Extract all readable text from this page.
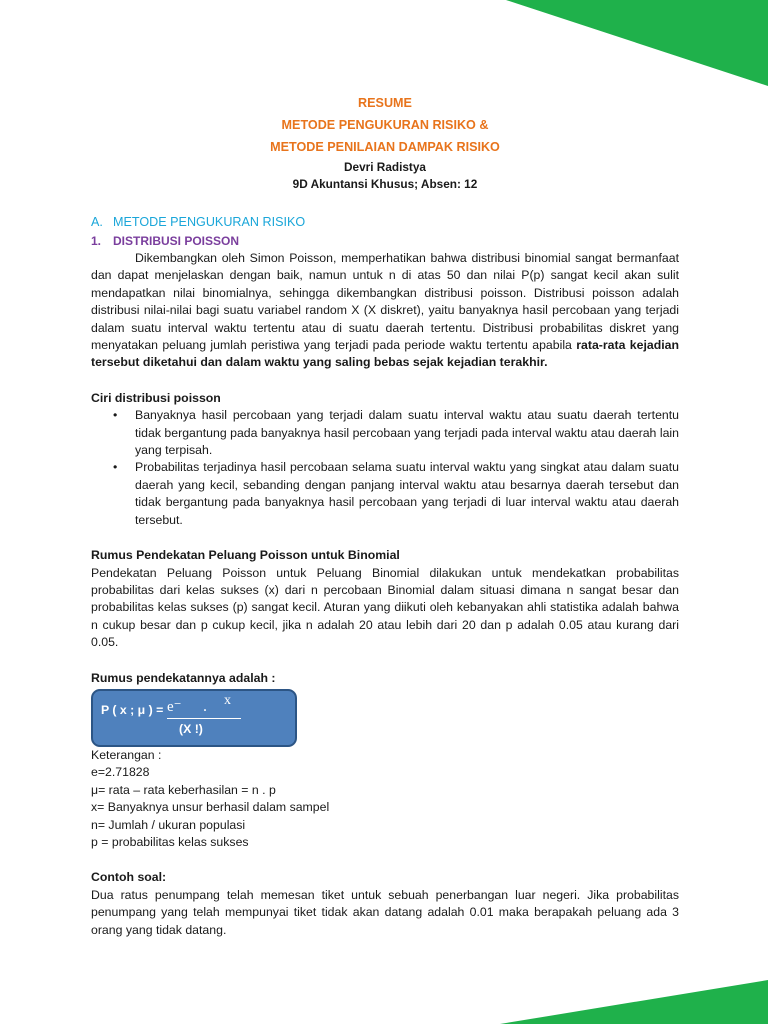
RESUME
METODE PENGUKURAN RISIKO &
METODE PENILAIAN DAMPAK RISIKO
Devri Radistya
9D Akuntansi Khusus; Absen: 12
A. METODE PENGUKURAN RISIKO
1. DISTRIBUSI POISSON

Dikembangkan oleh Simon Poisson, memperhatikan bahwa distribusi binomial sangat bermanfaat dan dapat menjelaskan dengan baik, namun untuk n di atas 50 dan nilai P(p) sangat kecil akan sulit mendapatkan nilai binomialnya, sehingga dikembangkan distribusi poisson. Distribusi poisson adalah distribusi nilai-nilai bagi suatu variabel random X (X diskret), yaitu banyaknya hasil percobaan yang terjadi dalam suatu interval waktu tertentu atau di suatu daerah tertentu. Distribusi probabilitas diskret yang menyatakan peluang jumlah peristiwa yang terjadi pada periode waktu tertentu apabila rata-rata kejadian tersebut diketahui dan dalam waktu yang saling bebas sejak kejadian terakhir.

Ciri distribusi poisson
• Banyaknya hasil percobaan yang terjadi dalam suatu interval waktu atau suatu daerah tertentu tidak bergantung pada banyaknya hasil percobaan yang terjadi pada interval waktu atau daerah lain yang terpisah.
• Probabilitas terjadinya hasil percobaan selama suatu interval waktu yang singkat atau dalam suatu daerah yang kecil, sebanding dengan panjang interval waktu atau besarnya daerah tersebut dan tidak bergantung pada banyaknya hasil percobaan yang terjadi di luar interval waktu atau daerah tersebut.
Rumus Pendekatan Peluang Poisson untuk Binomial

Pendekatan Peluang Poisson untuk Peluang Binomial dilakukan untuk mendekatkan probabilitas probabilitas dari kelas sukses (x) dari n percobaan Binomial dalam situasi dimana n sangat besar dan probabilitas kelas sukses (p) sangat kecil. Aturan yang diikuti oleh kebanyakan ahli statistika adalah bahwa n cukup besar dan p cukup kecil, jika n adalah 20 atau lebih dari 20 dan p adalah 0.05 atau kurang dari 0.05.

Rumus pendekatannya adalah :
P ( x ; μ ) = e⁻ . x
(X !)
Keterangan :
e=2.71828
μ= rata – rata keberhasilan = n . p
x= Banyaknya unsur berhasil dalam sampel
n= Jumlah / ukuran populasi
p = probabilitas kelas sukses
Contoh soal:

Dua ratus penumpang telah memesan tiket untuk sebuah penerbangan luar negeri. Jika probabilitas penumpang yang telah mempunyai tiket tidak akan datang adalah 0.01 maka berapakah peluang ada 3 orang yang tidak datang.
